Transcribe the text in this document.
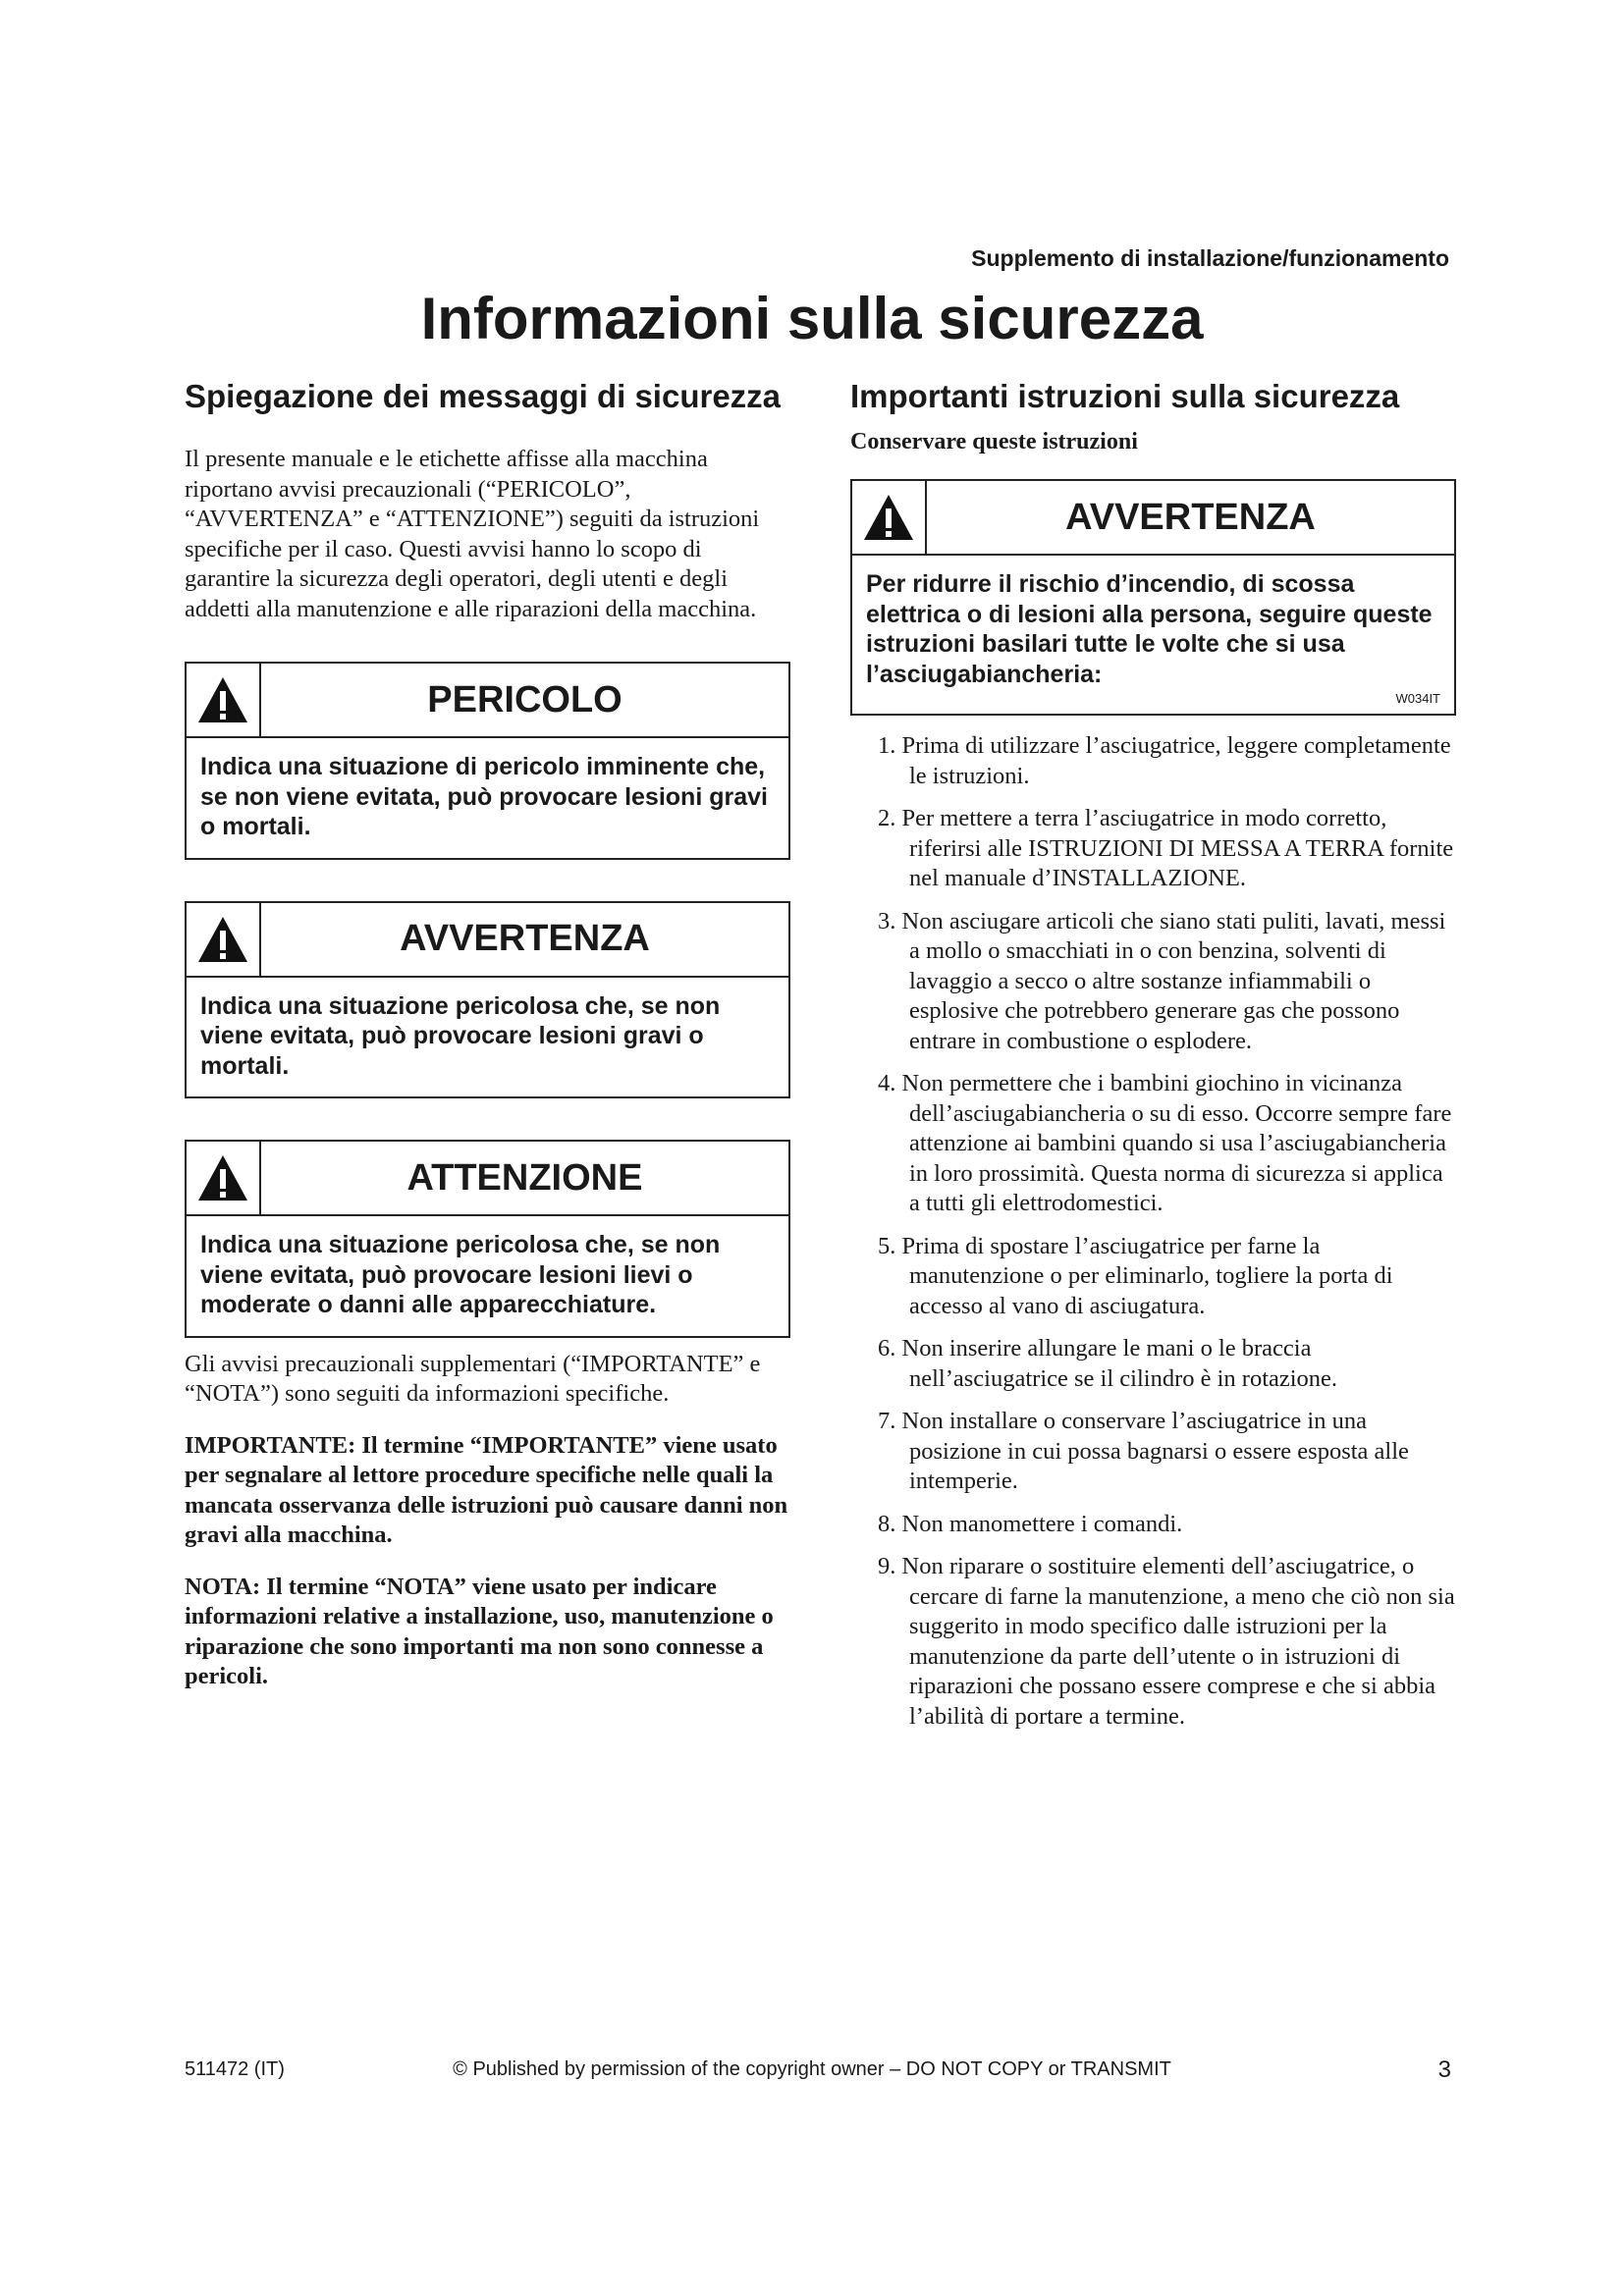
Supplemento di installazione/funzionamento
Informazioni sulla sicurezza
Spiegazione dei messaggi di sicurezza

Il presente manuale e le etichette affisse alla macchina riportano avvisi precauzionali (“PERICOLO”, “AVVERTENZA” e “ATTENZIONE”) seguiti da istruzioni specifiche per il caso. Questi avvisi hanno lo scopo di garantire la sicurezza degli operatori, degli utenti e degli addetti alla manutenzione e alle riparazioni della macchina.

PERICOLO
Indica una situazione di pericolo imminente che, se non viene evitata, può provocare lesioni gravi o mortali.
AVVERTENZA
Indica una situazione pericolosa che, se non viene evitata, può provocare lesioni gravi o mortali.
ATTENZIONE
Indica una situazione pericolosa che, se non viene evitata, può provocare lesioni lievi o moderate o danni alle apparecchiature.

Gli avvisi precauzionali supplementari (“IMPORTANTE” e “NOTA”) sono seguiti da informazioni specifiche.

IMPORTANTE: Il termine “IMPORTANTE” viene usato per segnalare al lettore procedure specifiche nelle quali la mancata osservanza delle istruzioni può causare danni non gravi alla macchina.

NOTA: Il termine “NOTA” viene usato per indicare informazioni relative a installazione, uso, manutenzione o riparazione che sono importanti ma non sono connesse a pericoli.

Importanti istruzioni sulla sicurezza
Conservare queste istruzioni
AVVERTENZA
Per ridurre il rischio d’incendio, di scossa elettrica o di lesioni alla persona, seguire queste istruzioni basilari tutte le volte che si usa l’asciugabiancheria:
W034IT
1. Prima di utilizzare l’asciugatrice, leggere completamente le istruzioni.
2. Per mettere a terra l’asciugatrice in modo corretto, riferirsi alle ISTRUZIONI DI MESSA A TERRA fornite nel manuale d’INSTALLAZIONE.
3. Non asciugare articoli che siano stati puliti, lavati, messi a mollo o smacchiati in o con benzina, solventi di lavaggio a secco o altre sostanze infiammabili o esplosive che potrebbero generare gas che possono entrare in combustione o esplodere.
4. Non permettere che i bambini giochino in vicinanza dell’asciugabiancheria o su di esso. Occorre sempre fare attenzione ai bambini quando si usa l’asciugabiancheria in loro prossimità. Questa norma di sicurezza si applica a tutti gli elettrodomestici.
5. Prima di spostare l’asciugatrice per farne la manutenzione o per eliminarlo, togliere la porta di accesso al vano di asciugatura.
6. Non inserire allungare le mani o le braccia nell’asciugatrice se il cilindro è in rotazione.
7. Non installare o conservare l’asciugatrice in una posizione in cui possa bagnarsi o essere esposta alle intemperie.
8. Non manomettere i comandi.
9. Non riparare o sostituire elementi dell’asciugatrice, o cercare di farne la manutenzione, a meno che ciò non sia suggerito in modo specifico dalle istruzioni per la manutenzione da parte dell’utente o in istruzioni di riparazioni che possano essere comprese e che si abbia l’abilità di portare a termine.
511472 (IT)	© Published by permission of the copyright owner – DO NOT COPY or TRANSMIT	3
